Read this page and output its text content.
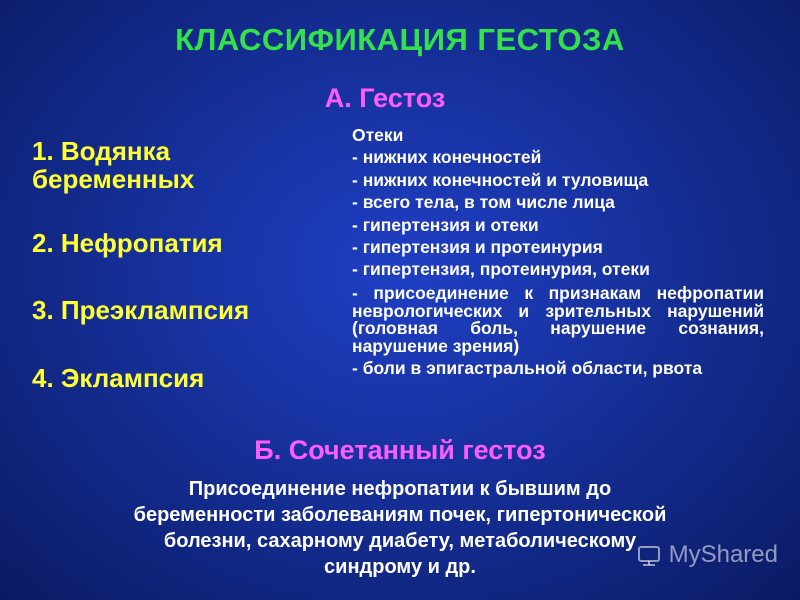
КЛАССИФИКАЦИЯ ГЕСТОЗА
А. Гестоз
1. Водянка
беременных
2. Нефропатия
3. Преэклампсия
4. Эклампсия
Отеки
- нижних конечностей
- нижних конечностей и туловища
- всего тела, в том числе лица
- гипертензия и отеки
- гипертензия и протеинурия
- гипертензия, протеинурия, отеки
- присоединение к признакам нефропатии неврологических и зрительных нарушений (головная боль, нарушение сознания, нарушение зрения)
- боли в эпигастральной области, рвота
Б. Сочетанный гестоз
Присоединение нефропатии к бывшим до
беременности заболеваниям почек, гипертонической
болезни, сахарному диабету, метаболическому
синдрому и др.	MyShared
